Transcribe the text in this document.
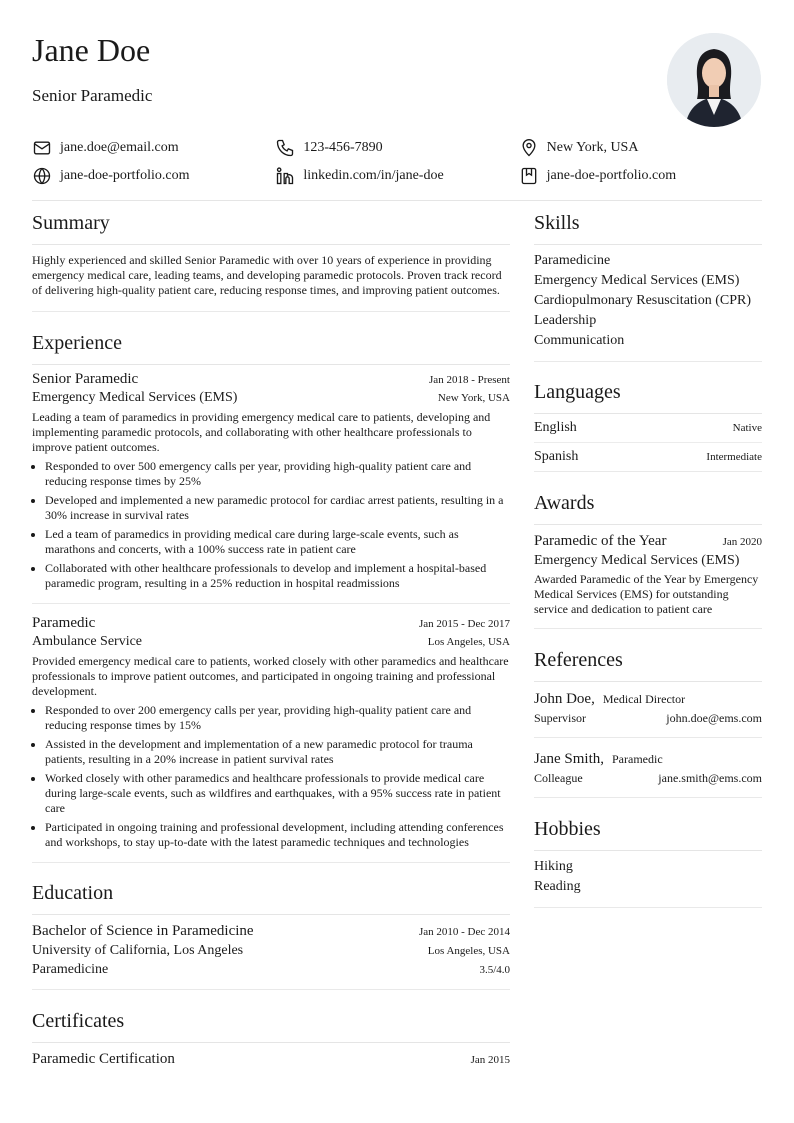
Jane Doe
Senior Paramedic
jane.doe@email.com	123-456-7890	New York, USA
jane-doe-portfolio.com	linkedin.com/in/jane-doe	jane-doe-portfolio.com
Summary
Highly experienced and skilled Senior Paramedic with over 10 years of experience in providing emergency medical care, leading teams, and developing paramedic protocols. Proven track record of delivering high-quality patient care, reducing response times, and improving patient outcomes.
Experience
Senior Paramedic	Jan 2018 - Present
Emergency Medical Services (EMS)	New York, USA
Leading a team of paramedics in providing emergency medical care to patients, developing and implementing paramedic protocols, and collaborating with other healthcare professionals to improve patient outcomes.
• Responded to over 500 emergency calls per year, providing high-quality patient care and reducing response times by 25%
• Developed and implemented a new paramedic protocol for cardiac arrest patients, resulting in a 30% increase in survival rates
• Led a team of paramedics in providing medical care during large-scale events, such as marathons and concerts, with a 100% success rate in patient care
• Collaborated with other healthcare professionals to develop and implement a hospital-based paramedic program, resulting in a 25% reduction in hospital readmissions
Paramedic	Jan 2015 - Dec 2017
Ambulance Service	Los Angeles, USA
Provided emergency medical care to patients, worked closely with other paramedics and healthcare professionals to improve patient outcomes, and participated in ongoing training and professional development.
• Responded to over 200 emergency calls per year, providing high-quality patient care and reducing response times by 15%
• Assisted in the development and implementation of a new paramedic protocol for trauma patients, resulting in a 20% increase in patient survival rates
• Worked closely with other paramedics and healthcare professionals to provide medical care during large-scale events, such as wildfires and earthquakes, with a 95% success rate in patient care
• Participated in ongoing training and professional development, including attending conferences and workshops, to stay up-to-date with the latest paramedic techniques and technologies
Education
Bachelor of Science in Paramedicine	Jan 2010 - Dec 2014
University of California, Los Angeles	Los Angeles, USA
Paramedicine	3.5/4.0
Certificates
Paramedic Certification	Jan 2015
Skills
Paramedicine
Emergency Medical Services (EMS)
Cardiopulmonary Resuscitation (CPR)
Leadership
Communication
Languages
English	Native
Spanish	Intermediate
Awards
Paramedic of the Year	Jan 2020
Emergency Medical Services (EMS)
Awarded Paramedic of the Year by Emergency Medical Services (EMS) for outstanding service and dedication to patient care
References
John Doe, Medical Director
Supervisor	john.doe@ems.com
Jane Smith, Paramedic
Colleague	jane.smith@ems.com
Hobbies
Hiking
Reading
